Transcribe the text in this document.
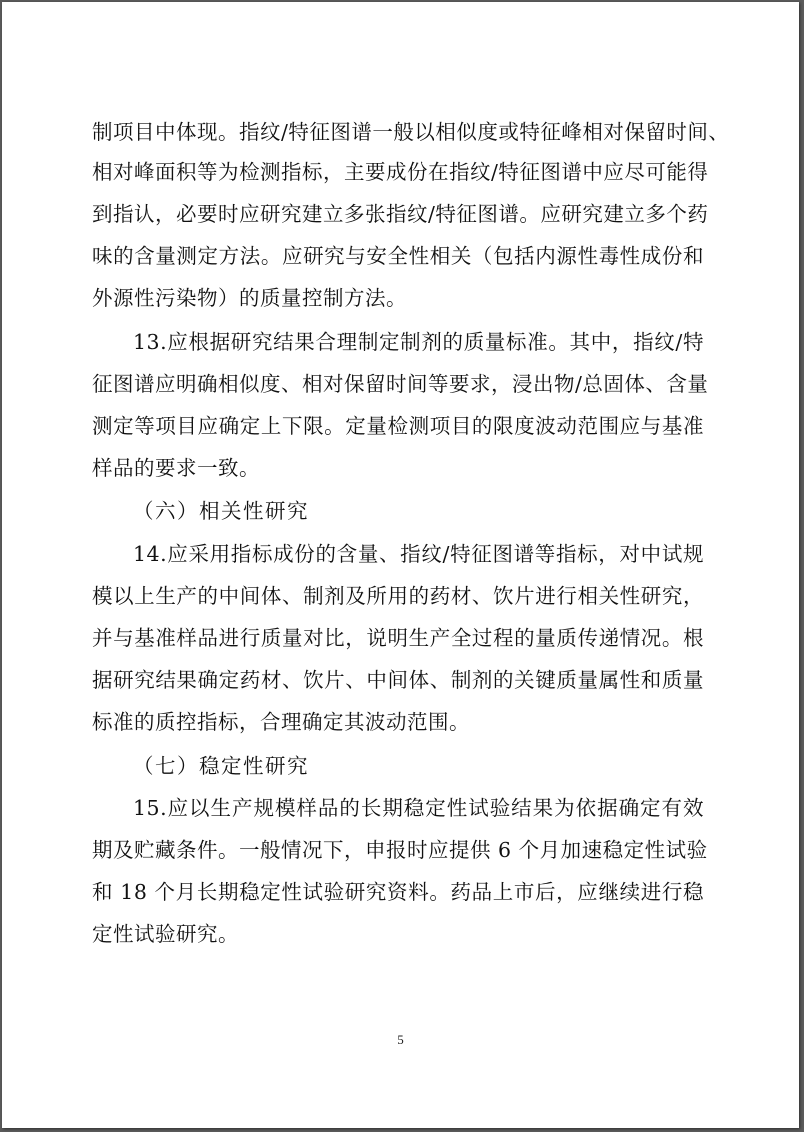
制项目中体现。指纹/特征图谱一般以相似度或特征峰相对保留时间、
相对峰面积等为检测指标，主要成份在指纹/特征图谱中应尽可能得
到指认，必要时应研究建立多张指纹/特征图谱。应研究建立多个药
味的含量测定方法。应研究与安全性相关（包括内源性毒性成份和
外源性污染物）的质量控制方法。
13.应根据研究结果合理制定制剂的质量标准。其中，指纹/特
征图谱应明确相似度、相对保留时间等要求，浸出物/总固体、含量
测定等项目应确定上下限。定量检测项目的限度波动范围应与基准
样品的要求一致。
（六）相关性研究
14.应采用指标成份的含量、指纹/特征图谱等指标，对中试规
模以上生产的中间体、制剂及所用的药材、饮片进行相关性研究，
并与基准样品进行质量对比，说明生产全过程的量质传递情况。根
据研究结果确定药材、饮片、中间体、制剂的关键质量属性和质量
标准的质控指标，合理确定其波动范围。
（七）稳定性研究
15.应以生产规模样品的长期稳定性试验结果为依据确定有效
期及贮藏条件。一般情况下，申报时应提供 6 个月加速稳定性试验
和 18 个月长期稳定性试验研究资料。药品上市后，应继续进行稳
定性试验研究。
5
